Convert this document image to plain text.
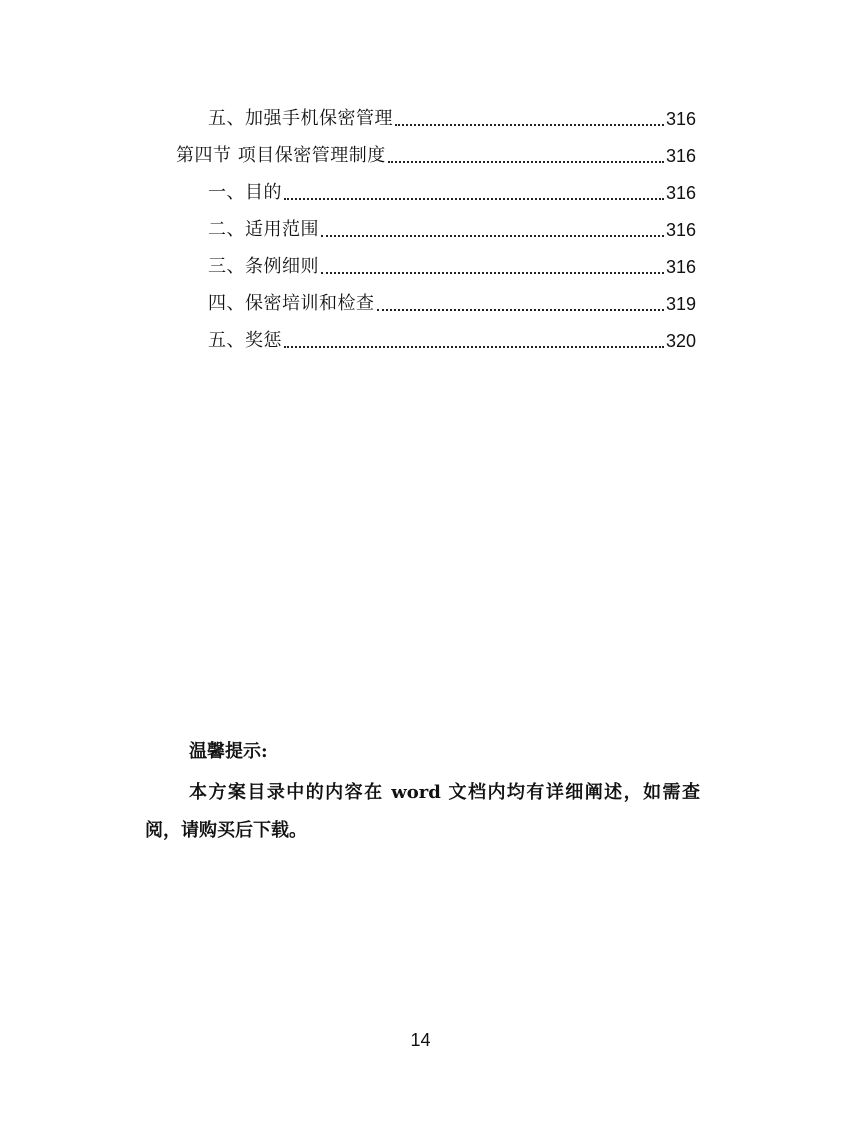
五、加强手机保密管理	316
第四节 项目保密管理制度	316
一、目的	316
二、适用范围	316
三、条例细则	316
四、保密培训和检查	319
五、奖惩	320
温馨提示:
本方案目录中的内容在 word 文档内均有详细阐述，如需查阅，请购买后下载。
14
